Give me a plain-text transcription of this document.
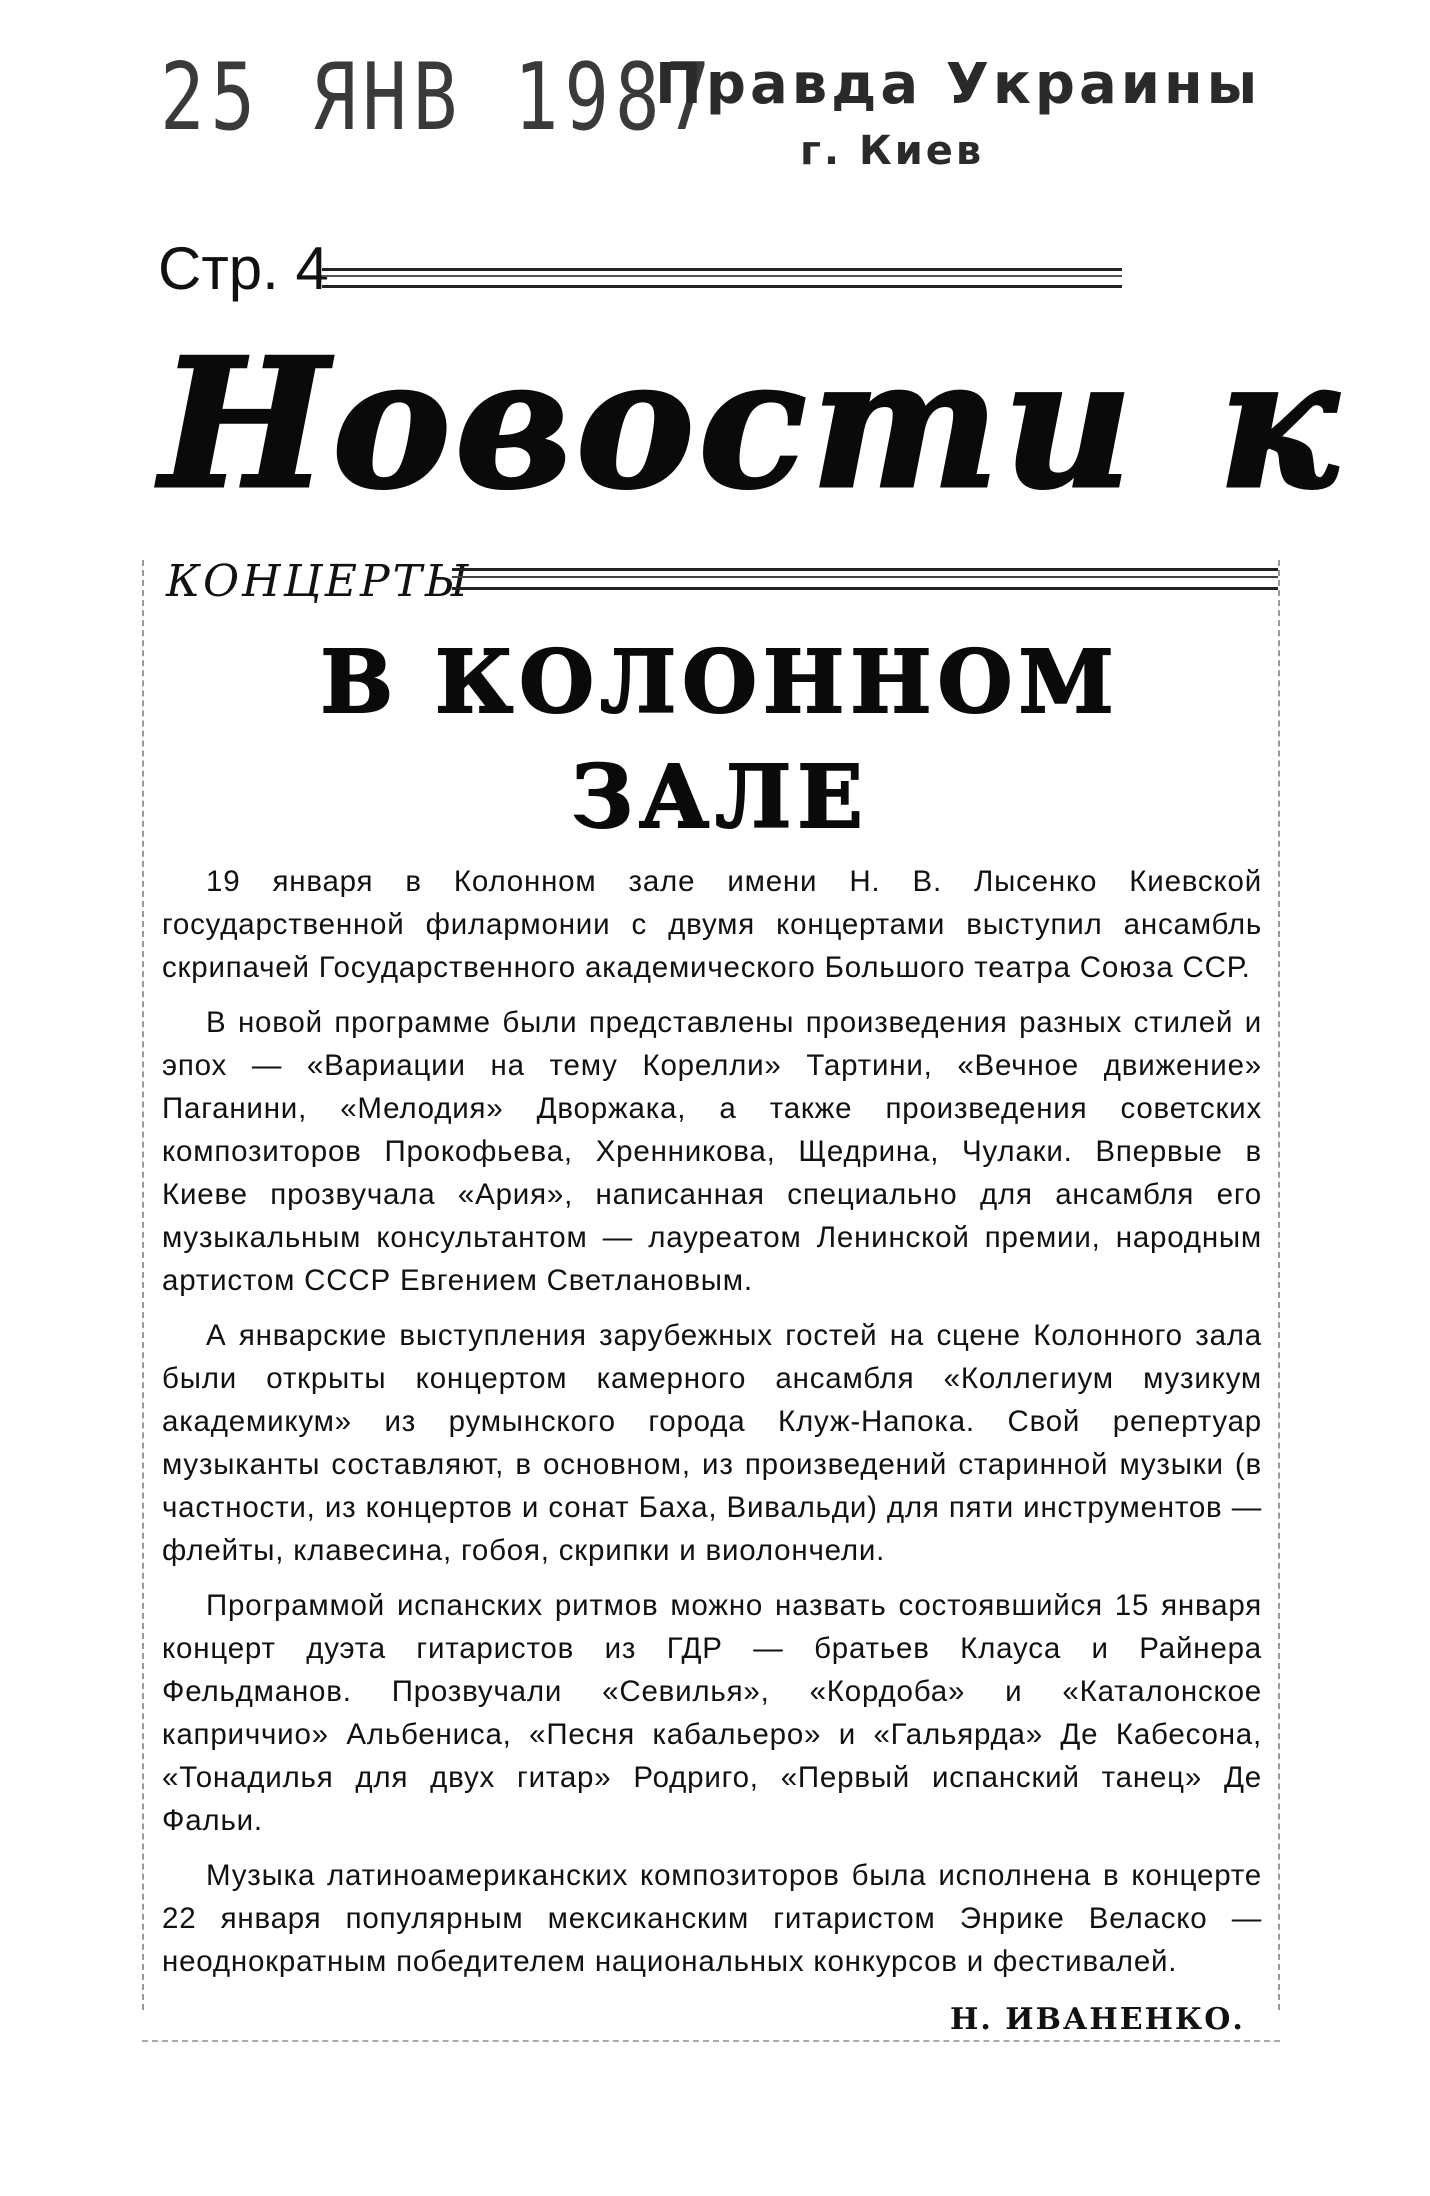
25 ЯНВ 1987
Правда Украины
г. Киев
Стр. 4
Новости к
КОНЦЕРТЫ
В КОЛОННОМ
ЗАЛЕ

19 января в Колонном зале имени Н. В. Лысенко Киевской государственной филармонии с двумя концертами выступил ансамбль скрипачей Государственного академического Большого театра Союза ССР.

В новой программе были представлены произведения разных стилей и эпох — «Вариации на тему Корелли» Тартини, «Вечное движение» Паганини, «Мелодия» Дворжака, а также произведения советских композиторов Прокофьева, Хренникова, Щедрина, Чулаки. Впервые в Киеве прозвучала «Ария», написанная специально для ансамбля его музыкальным консультантом — лауреатом Ленинской премии, народным артистом СССР Евгением Светлановым.

А январские выступления зарубежных гостей на сцене Колонного зала были открыты концертом камерного ансамбля «Коллегиум музикум академикум» из румынского города Клуж-Напока. Свой репертуар музыканты составляют, в основном, из произведений старинной музыки (в частности, из концертов и сонат Баха, Вивальди) для пяти инструментов — флейты, клавесина, гобоя, скрипки и виолончели.

Программой испанских ритмов можно назвать состоявшийся 15 января концерт дуэта гитаристов из ГДР — братьев Клауса и Райнера Фельдманов. Прозвучали «Севилья», «Кордоба» и «Каталонское каприччио» Альбениса, «Песня кабальеро» и «Гальярда» Де Кабесона, «Тонадилья для двух гитар» Родриго, «Первый испанский танец» Де Фальи.

Музыка латиноамериканских композиторов была исполнена в концерте 22 января популярным мексиканским гитаристом Энрике Веласко — неоднократным победителем национальных конкурсов и фестивалей.

Н. ИВАНЕНКО.
